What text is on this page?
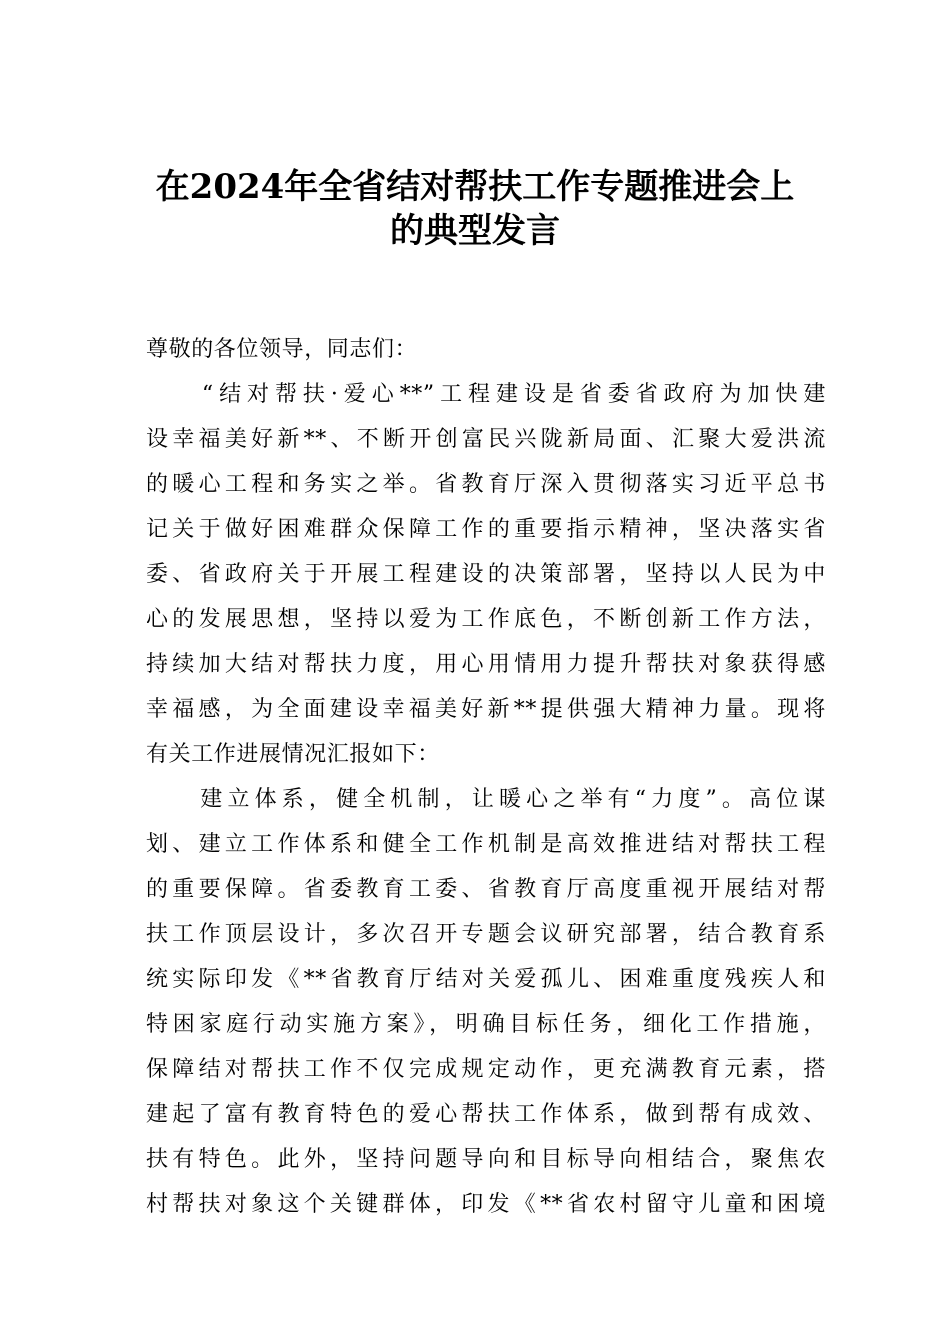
在2024年全省结对帮扶工作专题推进会上
的典型发言
尊敬的各位领导，同志们：
　　“结对帮扶·爱心**”工程建设是省委省政府为加快建
设幸福美好新**、不断开创富民兴陇新局面、汇聚大爱洪流
的暖心工程和务实之举。省教育厅深入贯彻落实习近平总书
记关于做好困难群众保障工作的重要指示精神，坚决落实省
委、省政府关于开展工程建设的决策部署，坚持以人民为中
心的发展思想，坚持以爱为工作底色，不断创新工作方法，
持续加大结对帮扶力度，用心用情用力提升帮扶对象获得感
幸福感，为全面建设幸福美好新**提供强大精神力量。现将
有关工作进展情况汇报如下：
　　建立体系，健全机制，让暖心之举有“力度”。高位谋
划、建立工作体系和健全工作机制是高效推进结对帮扶工程
的重要保障。省委教育工委、省教育厅高度重视开展结对帮
扶工作顶层设计，多次召开专题会议研究部署，结合教育系
统实际印发《**省教育厅结对关爱孤儿、困难重度残疾人和
特困家庭行动实施方案》，明确目标任务，细化工作措施，
保障结对帮扶工作不仅完成规定动作，更充满教育元素，搭
建起了富有教育特色的爱心帮扶工作体系，做到帮有成效、
扶有特色。此外，坚持问题导向和目标导向相结合，聚焦农
村帮扶对象这个关键群体，印发《**省农村留守儿童和困境
